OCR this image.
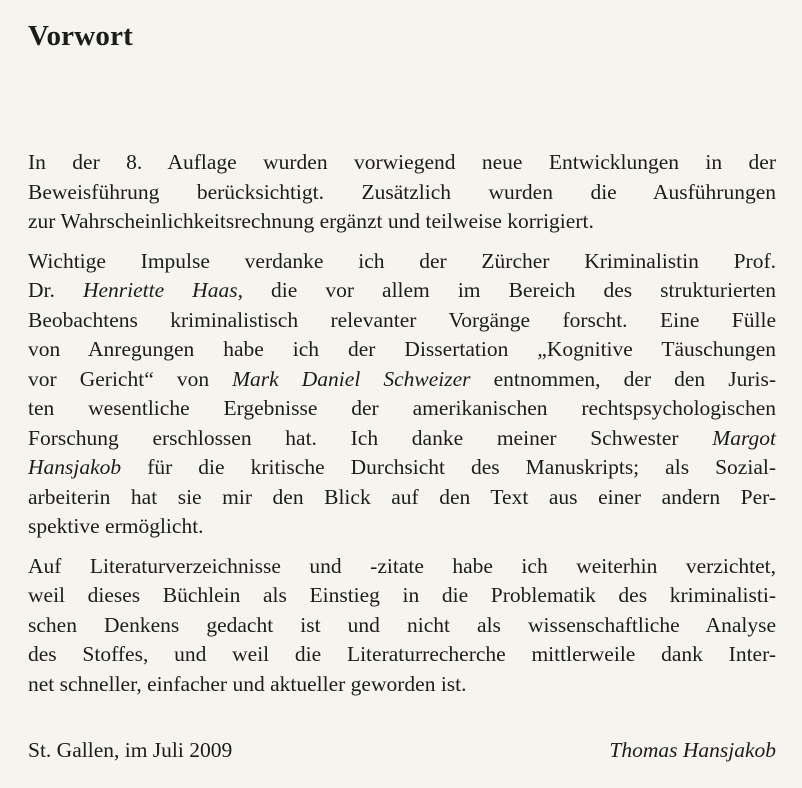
Vorwort

In der 8. Auflage wurden vorwiegend neue Entwicklungen in der
Beweisführung berücksichtigt. Zusätzlich wurden die Ausführungen
zur Wahrscheinlichkeitsrechnung ergänzt und teilweise korrigiert.

Wichtige Impulse verdanke ich der Zürcher Kriminalistin Prof.
Dr. Henriette Haas, die vor allem im Bereich des strukturierten
Beobachtens kriminalistisch relevanter Vorgänge forscht. Eine Fülle
von Anregungen habe ich der Dissertation „Kognitive Täuschungen
vor Gericht“ von Mark Daniel Schweizer entnommen, der den Juris-
ten wesentliche Ergebnisse der amerikanischen rechtspsychologischen
Forschung erschlossen hat. Ich danke meiner Schwester Margot
Hansjakob für die kritische Durchsicht des Manuskripts; als Sozial-
arbeiterin hat sie mir den Blick auf den Text aus einer andern Per-
spektive ermöglicht.

Auf Literaturverzeichnisse und -zitate habe ich weiterhin verzichtet,
weil dieses Büchlein als Einstieg in die Problematik des kriminalisti-
schen Denkens gedacht ist und nicht als wissenschaftliche Analyse
des Stoffes, und weil die Literaturrecherche mittlerweile dank Inter-
net schneller, einfacher und aktueller geworden ist.

St. Gallen, im Juli 2009	Thomas Hansjakob
